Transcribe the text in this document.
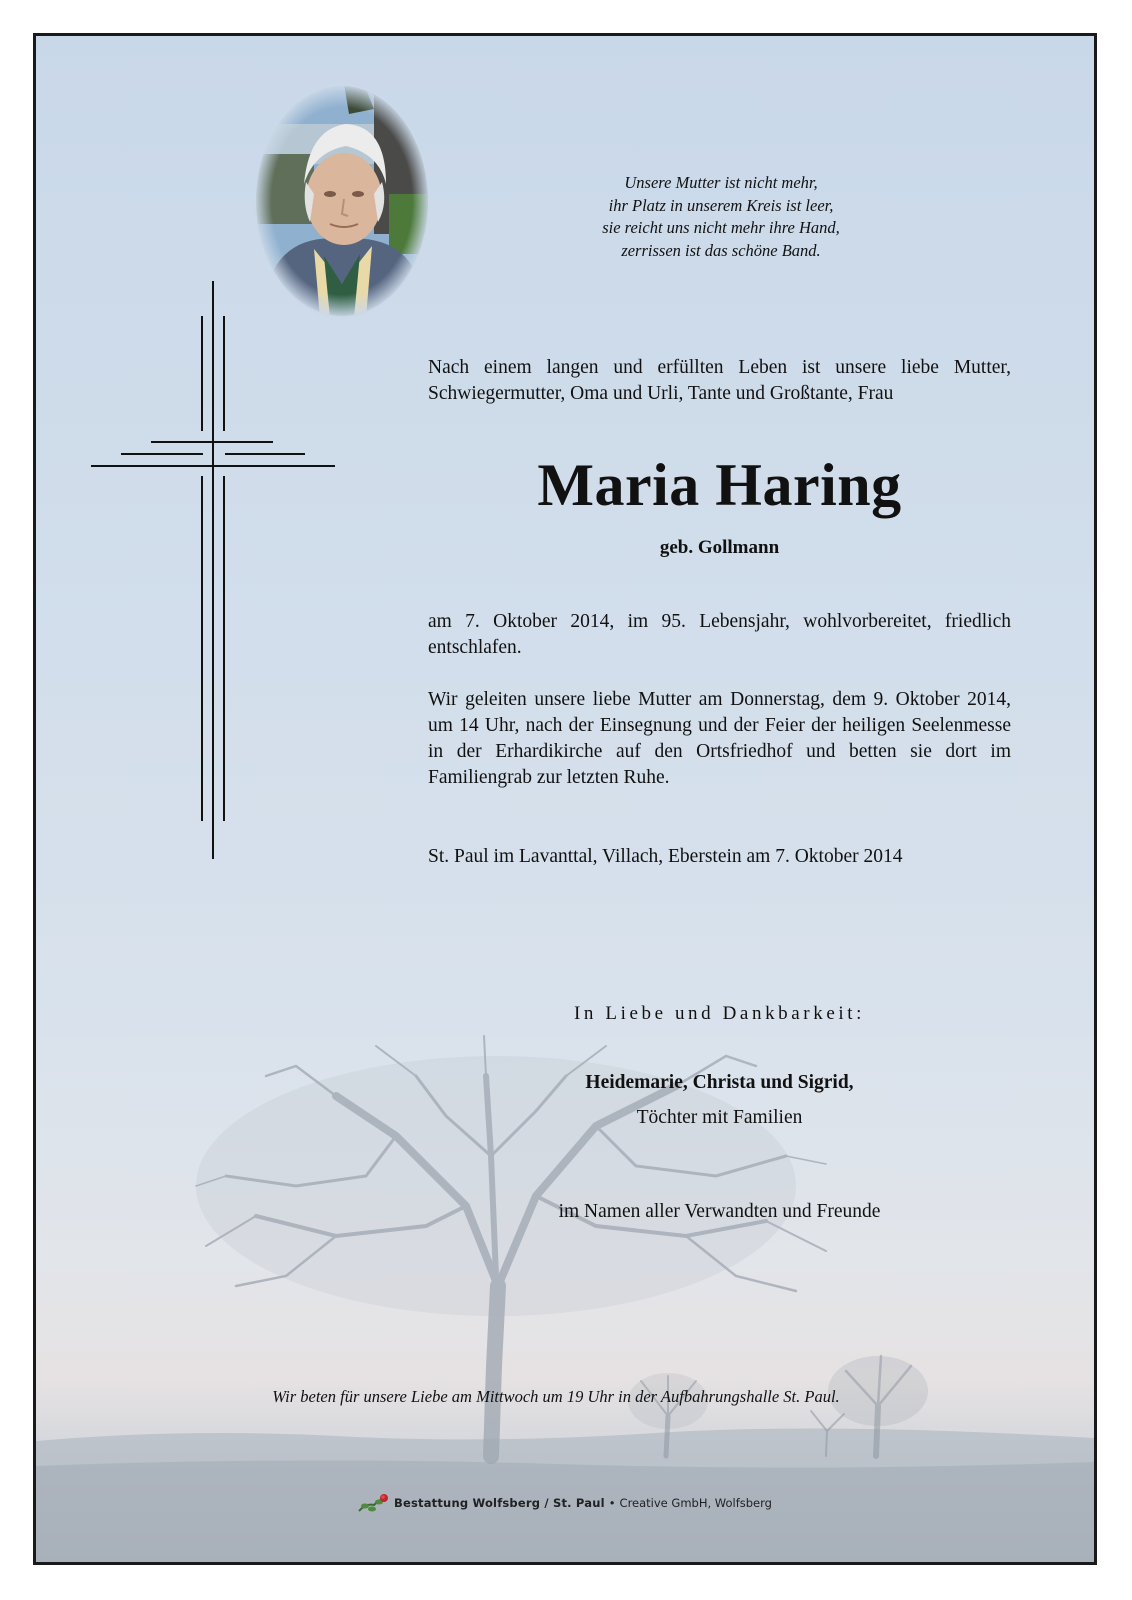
Unsere Mutter ist nicht mehr,
ihr Platz in unserem Kreis ist leer,
sie reicht uns nicht mehr ihre Hand,
zerrissen ist das schöne Band.

Nach einem langen und erfüllten Leben ist unsere liebe Mutter, Schwiegermutter, Oma und Urli, Tante und Großtante, Frau

Maria Haring
geb. Gollmann

am 7. Oktober 2014, im 95. Lebensjahr, wohlvorbereitet, friedlich entschlafen.

Wir geleiten unsere liebe Mutter am Donnerstag, dem 9. Oktober 2014, um 14 Uhr, nach der Einsegnung und der Feier der heiligen Seelenmesse in der Erhardikirche auf den Ortsfriedhof und betten sie dort im Familiengrab zur letzten Ruhe.

St. Paul im Lavanttal, Villach, Eberstein am 7. Oktober 2014

In Liebe und Dankbarkeit:
Heidemarie, Christa und Sigrid,
Töchter mit Familien
im Namen aller Verwandten und Freunde
Wir beten für unsere Liebe am Mittwoch um 19 Uhr in der Aufbahrungshalle St. Paul.
Bestattung Wolfsberg / St. Paul • Creative GmbH, Wolfsberg
